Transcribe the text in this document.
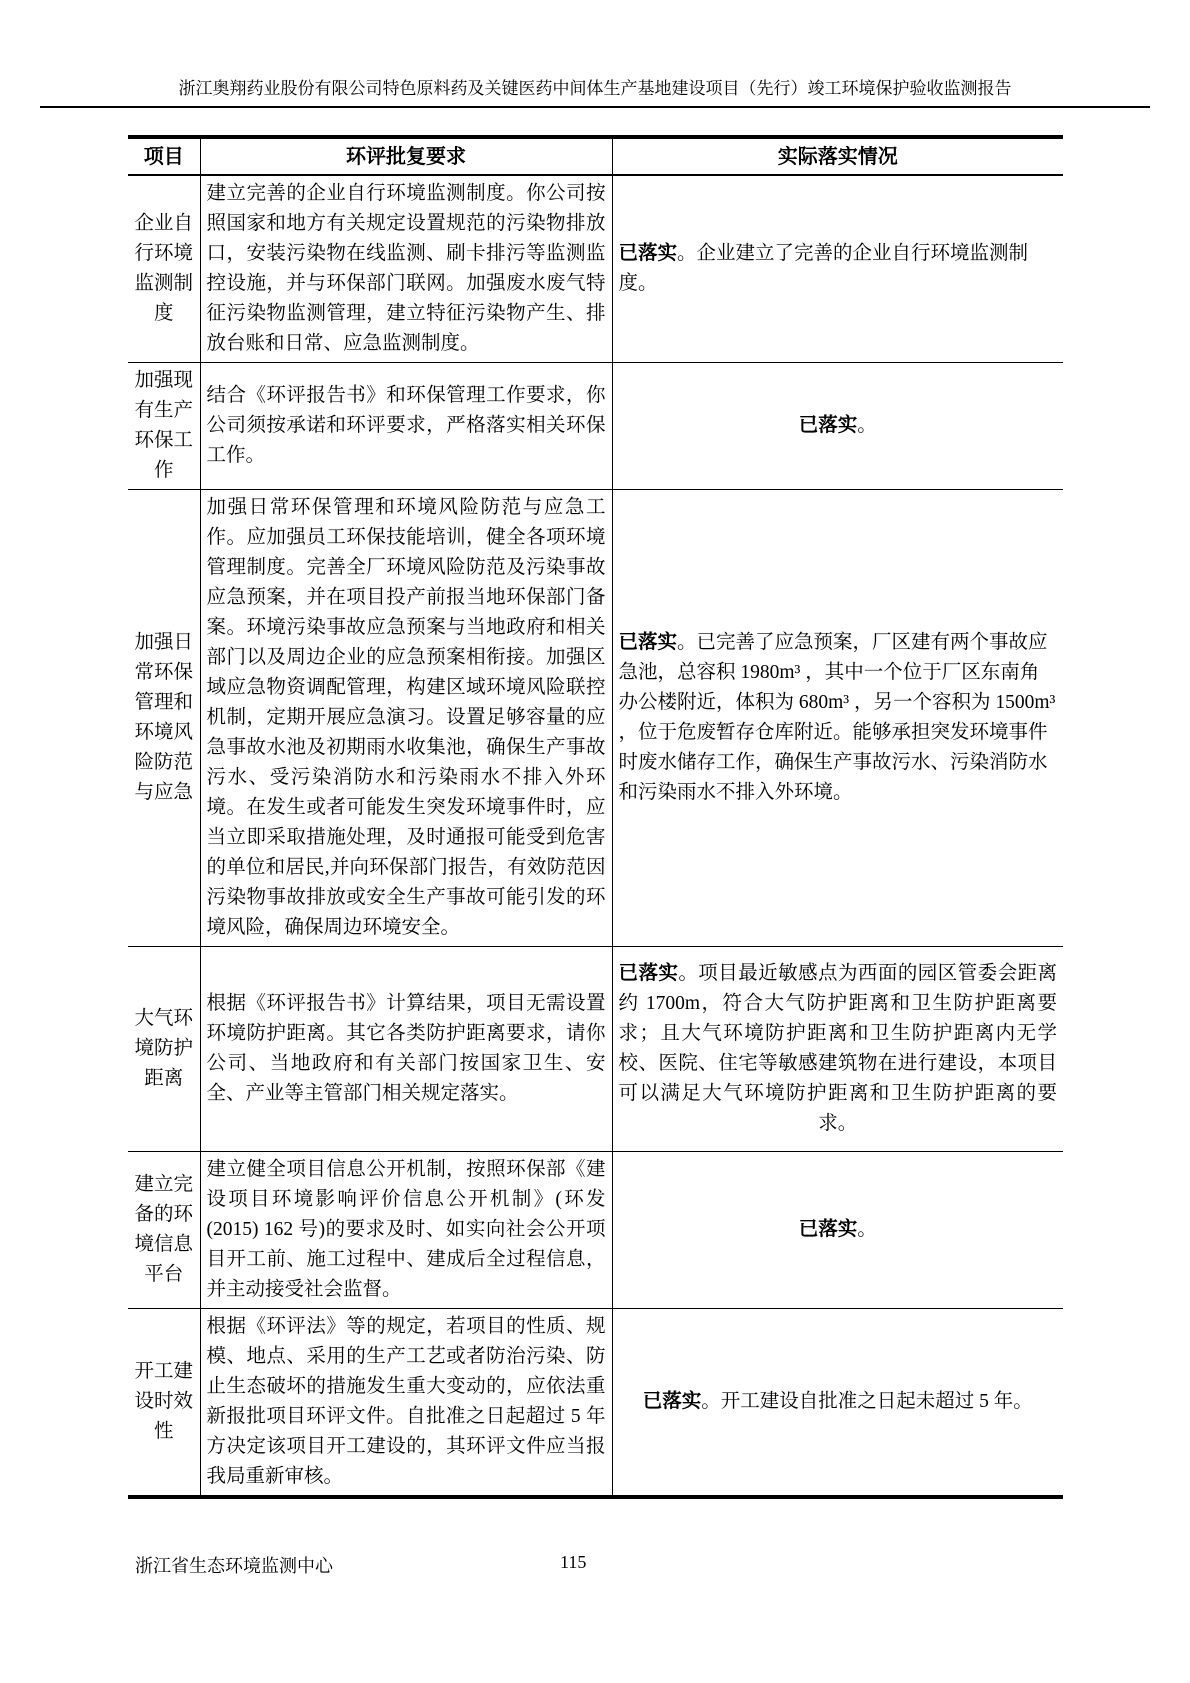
浙江奥翔药业股份有限公司特色原料药及关键医药中间体生产基地建设项目（先行）竣工环境保护验收监测报告
项目	环评批复要求	实际落实情况
企业自行环境监测制度	建立完善的企业自行环境监测制度。你公司按照国家和地方有关规定设置规范的污染物排放口，安装污染物在线监测、刷卡排污等监测监控设施，并与环保部门联网。加强废水废气特征污染物监测管理，建立特征污染物产生、排放台账和日常、应急监测制度。	已落实。企业建立了完善的企业自行环境监测制度。
加强现有生产环保工作	结合《环评报告书》和环保管理工作要求，你公司须按承诺和环评要求，严格落实相关环保工作。	已落实。
加强日常环保管理和环境风险防范与应急	加强日常环保管理和环境风险防范与应急工作。应加强员工环保技能培训，健全各项环境管理制度。完善全厂环境风险防范及污染事故应急预案，并在项目投产前报当地环保部门备案。环境污染事故应急预案与当地政府和相关部门以及周边企业的应急预案相衔接。加强区域应急物资调配管理，构建区域环境风险联控机制，定期开展应急演习。设置足够容量的应急事故水池及初期雨水收集池，确保生产事故污水、受污染消防水和污染雨水不排入外环境。在发生或者可能发生突发环境事件时，应当立即采取措施处理，及时通报可能受到危害的单位和居民,并向环保部门报告，有效防范因污染物事故排放或安全生产事故可能引发的环境风险，确保周边环境安全。	已落实。已完善了应急预案，厂区建有两个事故应急池，总容积 1980m³ ，其中一个位于厂区东南角办公楼附近，体积为 680m³ ，另一个容积为 1500m³ ，位于危废暂存仓库附近。能够承担突发环境事件时废水储存工作，确保生产事故污水、污染消防水和污染雨水不排入外环境。
大气环境防护距离	根据《环评报告书》计算结果，项目无需设置环境防护距离。其它各类防护距离要求，请你公司、当地政府和有关部门按国家卫生、安全、产业等主管部门相关规定落实。	已落实。项目最近敏感点为西面的园区管委会距离约 1700m，符合大气防护距离和卫生防护距离要求；且大气环境防护距离和卫生防护距离内无学校、医院、住宅等敏感建筑物在进行建设，本项目可以满足大气环境防护距离和卫生防护距离的要求。
建立完备的环境信息平台	建立健全项目信息公开机制，按照环保部《建设项目环境影响评价信息公开机制》(环发 (2015) 162 号)的要求及时、如实向社会公开项目开工前、施工过程中、建成后全过程信息，并主动接受社会监督。	已落实。
开工建设时效性	根据《环评法》等的规定，若项目的性质、规模、地点、采用的生产工艺或者防治污染、防止生态破坏的措施发生重大变动的，应依法重新报批项目环评文件。自批准之日起超过 5 年方决定该项目开工建设的，其环评文件应当报我局重新审核。	已落实。开工建设自批准之日起未超过 5 年。
浙江省生态环境监测中心	115
